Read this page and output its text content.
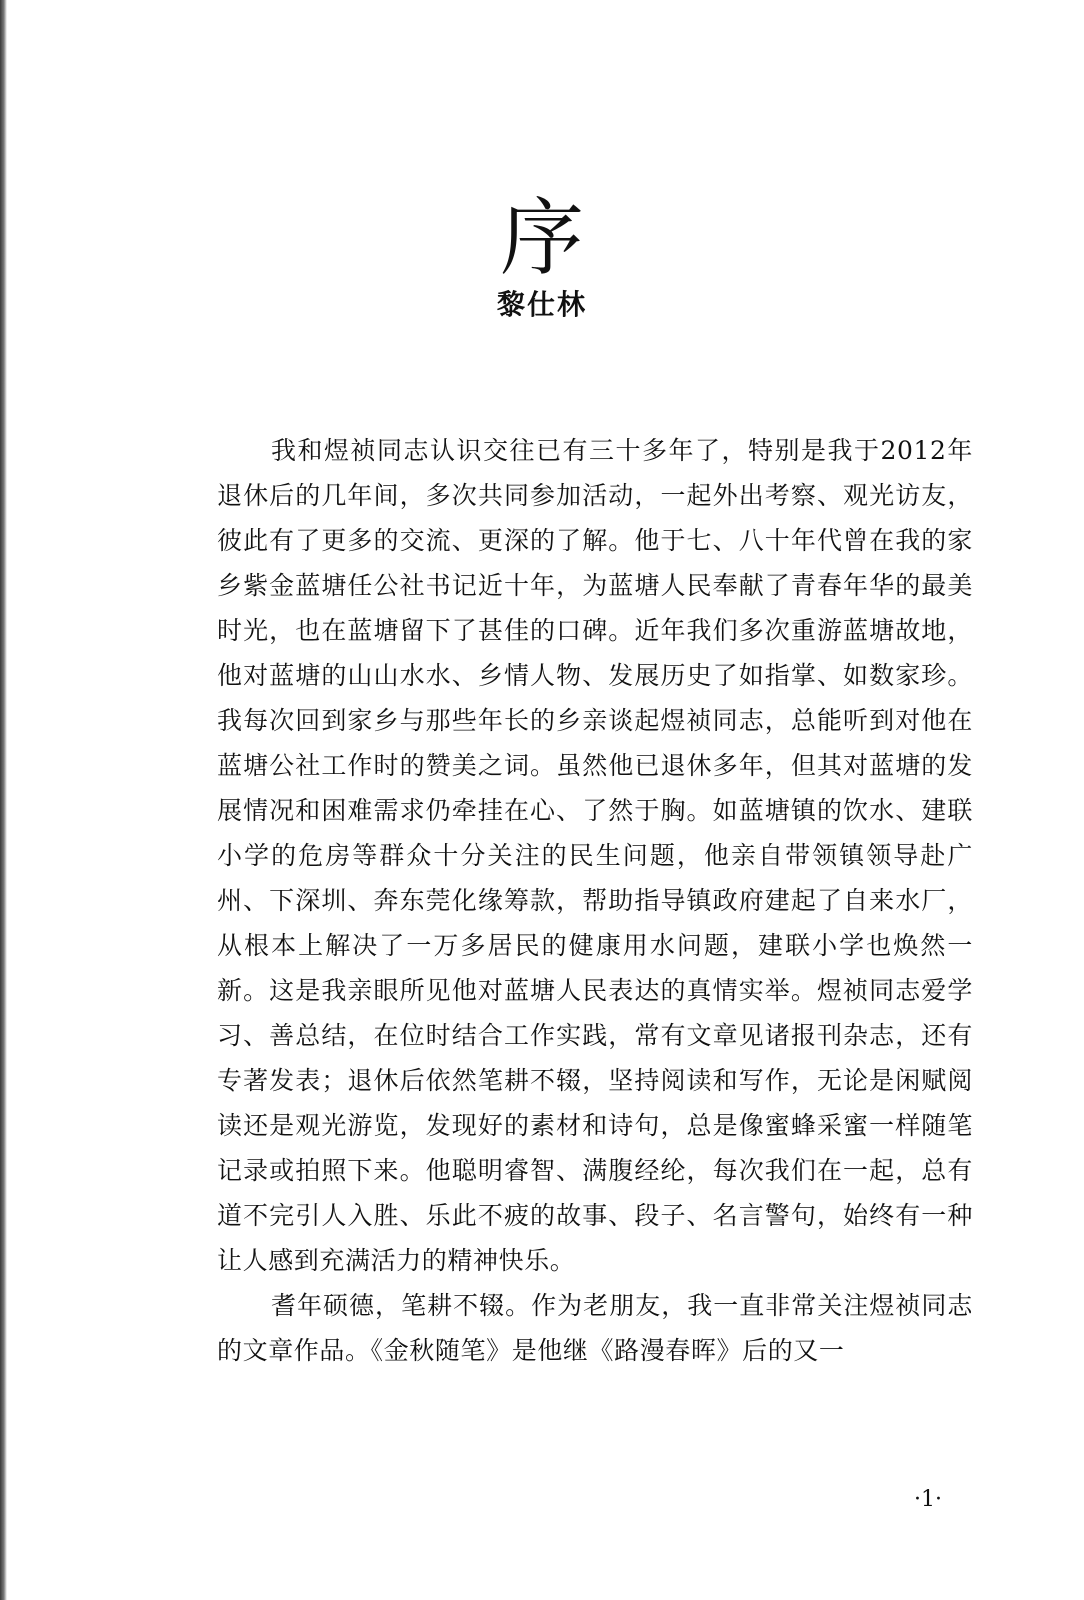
序
黎仕林

我和煜祯同志认识交往已有三十多年了，特别是我于2012年退休后的几年间，多次共同参加活动，一起外出考察、观光访友，彼此有了更多的交流、更深的了解。他于七、八十年代曾在我的家乡紫金蓝塘任公社书记近十年，为蓝塘人民奉献了青春年华的最美时光，也在蓝塘留下了甚佳的口碑。近年我们多次重游蓝塘故地，他对蓝塘的山山水水、乡情人物、发展历史了如指掌、如数家珍。我每次回到家乡与那些年长的乡亲谈起煜祯同志，总能听到对他在蓝塘公社工作时的赞美之词。虽然他已退休多年，但其对蓝塘的发展情况和困难需求仍牵挂在心、了然于胸。如蓝塘镇的饮水、建联小学的危房等群众十分关注的民生问题，他亲自带领镇领导赴广州、下深圳、奔东莞化缘筹款，帮助指导镇政府建起了自来水厂，从根本上解决了一万多居民的健康用水问题，建联小学也焕然一新。这是我亲眼所见他对蓝塘人民表达的真情实举。煜祯同志爱学习、善总结，在位时结合工作实践，常有文章见诸报刊杂志，还有专著发表；退休后依然笔耕不辍，坚持阅读和写作，无论是闲赋阅读还是观光游览，发现好的素材和诗句，总是像蜜蜂采蜜一样随笔记录或拍照下来。他聪明睿智、满腹经纶，每次我们在一起，总有道不完引人入胜、乐此不疲的故事、段子、名言警句，始终有一种让人感到充满活力的精神快乐。

耆年硕德，笔耕不辍。作为老朋友，我一直非常关注煜祯同志的文章作品。《金秋随笔》是他继《路漫春晖》后的又一

·1·
